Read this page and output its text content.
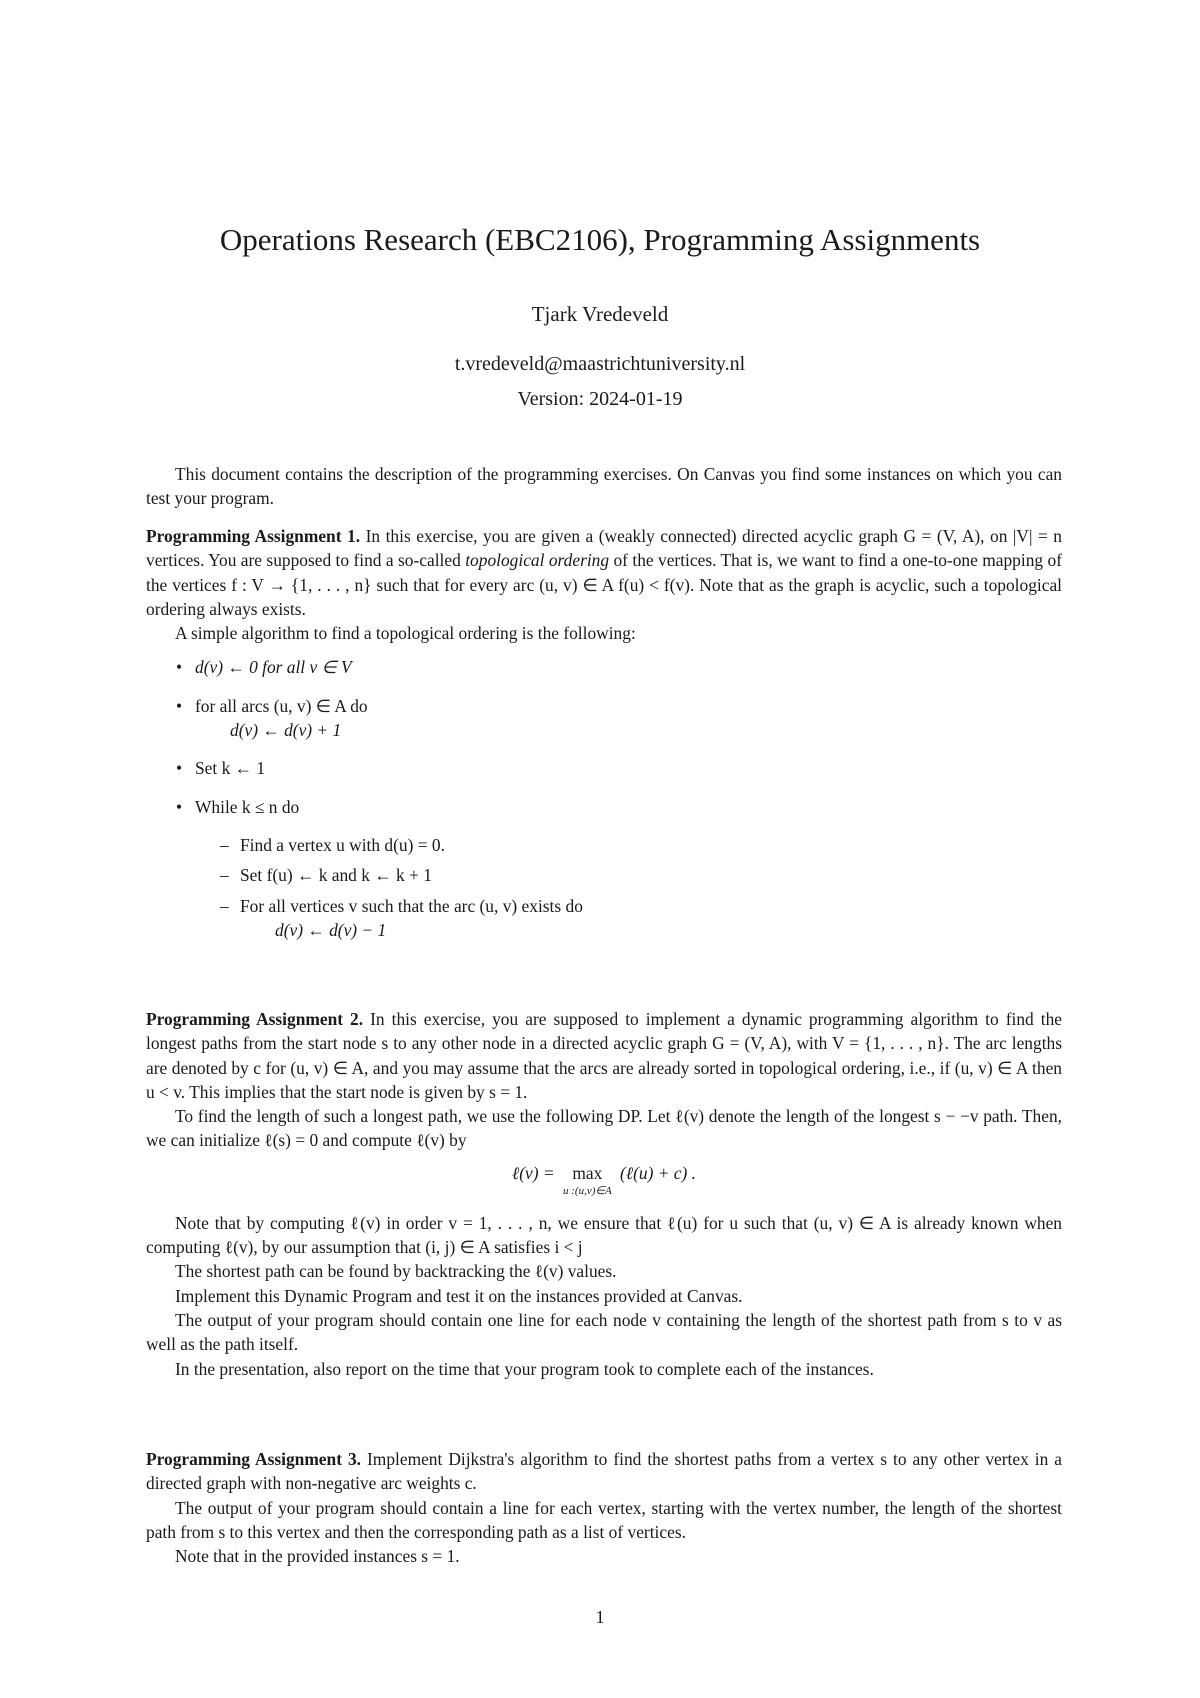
Operations Research (EBC2106), Programming Assignments
Tjark Vredeveld
t.vredeveld@maastrichtuniversity.nl
Version: 2024-01-19

This document contains the description of the programming exercises. On Canvas you find some instances on which you can test your program.

Programming Assignment 1. In this exercise, you are given a (weakly connected) directed acyclic graph G = (V, A), on |V| = n vertices. You are supposed to find a so-called topological ordering of the vertices. That is, we want to find a one-to-one mapping of the vertices f : V → {1, . . . , n} such that for every arc (u, v) ∈ A f(u) < f(v). Note that as the graph is acyclic, such a topological ordering always exists.

A simple algorithm to find a topological ordering is the following:

• d(v) ← 0 for all v ∈ V
• for all arcs (u, v) ∈ A do
d(v) ← d(v) + 1
• Set k ← 1
• While k ≤ n do
– Find a vertex u with d(u) = 0.
– Set f(u) ← k and k ← k + 1
– For all vertices v such that the arc (u, v) exists do
d(v) ← d(v) − 1

Programming Assignment 2. In this exercise, you are supposed to implement a dynamic programming algorithm to find the longest paths from the start node s to any other node in a directed acyclic graph G = (V, A), with V = {1, . . . , n}. The arc lengths are denoted by c for (u, v) ∈ A, and you may assume that the arcs are already sorted in topological ordering, i.e., if (u, v) ∈ A then u < v. This implies that the start node is given by s = 1.

To find the length of such a longest path, we use the following DP. Let ℓ(v) denote the length of the longest s − −v path. Then, we can initialize ℓ(s) = 0 and compute ℓ(v) by

ℓ(v) =	max
u :(u,v)∈A
(ℓ(u) + c) .

Note that by computing ℓ(v) in order v = 1, . . . , n, we ensure that ℓ(u) for u such that (u, v) ∈ A is already known when computing ℓ(v), by our assumption that (i, j) ∈ A satisfies i < j

The shortest path can be found by backtracking the ℓ(v) values.

Implement this Dynamic Program and test it on the instances provided at Canvas.

The output of your program should contain one line for each node v containing the length of the shortest path from s to v as well as the path itself.

In the presentation, also report on the time that your program took to complete each of the instances.

Programming Assignment 3. Implement Dijkstra's algorithm to find the shortest paths from a vertex s to any other vertex in a directed graph with non-negative arc weights c.

The output of your program should contain a line for each vertex, starting with the vertex number, the length of the shortest path from s to this vertex and then the corresponding path as a list of vertices.

Note that in the provided instances s = 1.

1
